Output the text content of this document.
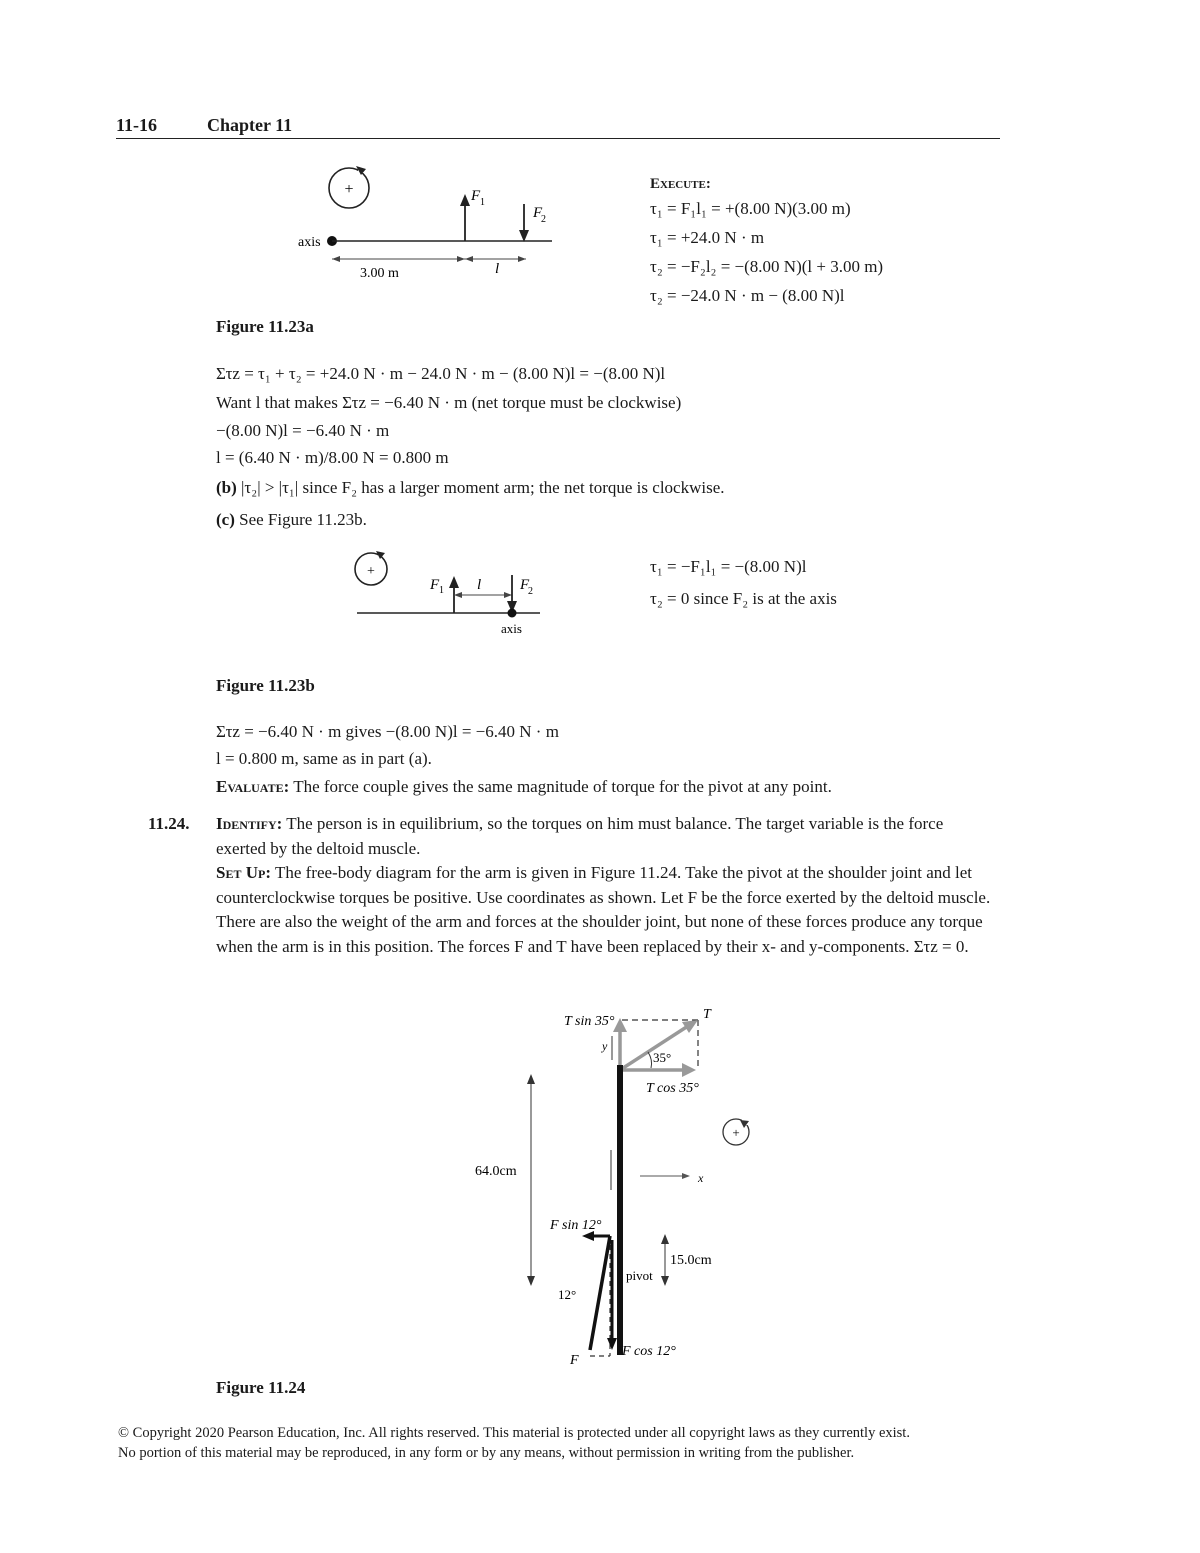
11-16	Chapter 11
+
axis
F 1
F
2
3.00 m	l
Execute:
τ₁ = F₁l₁ = +(8.00 N)(3.00 m)
τ₁ = +24.0 N · m
τ₂ = −F₂l₂ = −(8.00 N)(l + 3.00 m)
τ₂ = −24.0 N · m − (8.00 N)l
Figure 11.23a
Στz = τ₁ + τ₂ = +24.0 N · m − 24.0 N · m − (8.00 N)l = −(8.00 N)l
Want l that makes Στz = −6.40 N · m (net torque must be clockwise)
−(8.00 N)l = −6.40 N · m
l = (6.40 N · m)/8.00 N = 0.800 m
(b) |τ₂| > |τ₁| since F₂ has a larger moment arm; the net torque is clockwise.
(c) See Figure 11.23b.
+
F 1 l	F
2
axis
τ₁ = −F₁l₁ = −(8.00 N)l
τ₂ = 0 since F₂ is at the axis
Figure 11.23b
Στz = −6.40 N · m gives −(8.00 N)l = −6.40 N · m
l = 0.800 m, same as in part (a).
Evaluate: The force couple gives the same magnitude of torque for the pivot at any point.
11.24. Identify: The person is in equilibrium, so the torques on him must balance. The target variable is the force exerted by the deltoid muscle.
Set Up: The free-body diagram for the arm is given in Figure 11.24. Take the pivot at the shoulder joint and let counterclockwise torques be positive. Use coordinates as shown. Let F be the force exerted by the deltoid muscle. There are also the weight of the arm and forces at the shoulder joint, but none of these forces produce any torque when the arm is in this position. The forces F and T have been replaced by their x- and y-components. Στz = 0.
T sin 35°	T
35°
y
T cos 35°
+
64.0cm	x
F sin 12°
12°
F
F cos 12°
pivot
15.0cm
Figure 11.24
© Copyright 2020 Pearson Education, Inc. All rights reserved. This material is protected under all copyright laws as they currently exist.
No portion of this material may be reproduced, in any form or by any means, without permission in writing from the publisher.
